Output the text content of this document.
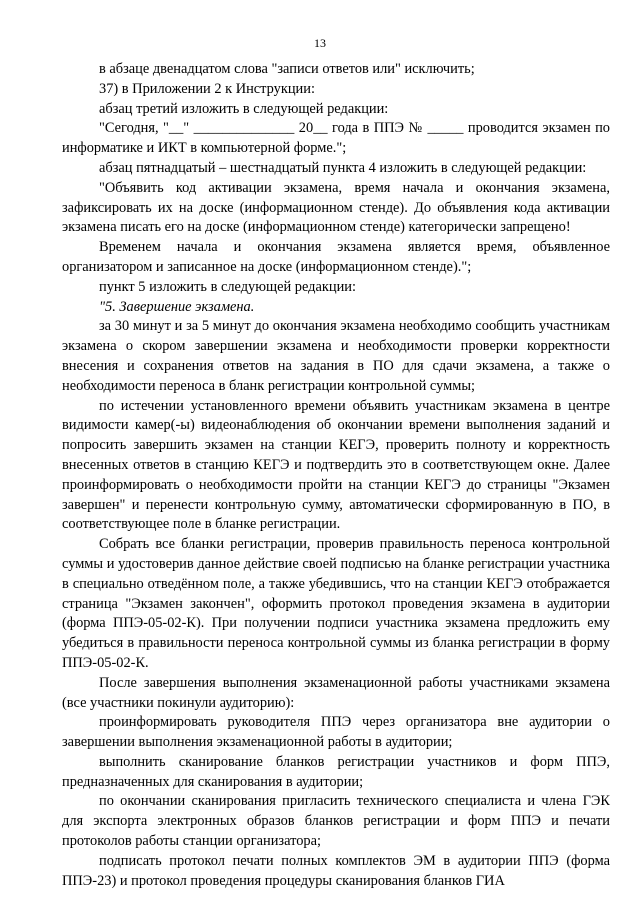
13

в абзаце двенадцатом слова "записи ответов или" исключить;

37) в Приложении 2 к Инструкции:

абзац третий изложить в следующей редакции:

"Сегодня, "__" ______________ 20__ года в ППЭ № _____ проводится экзамен по информатике и ИКТ в компьютерной форме.";

абзац пятнадцатый – шестнадцатый пункта 4 изложить в следующей редакции:

"Объявить код активации экзамена, время начала и окончания экзамена, зафиксировать их на доске (информационном стенде). До объявления кода активации экзамена писать его на доске (информационном стенде) категорически запрещено!

Временем начала и окончания экзамена является время, объявленное организатором и записанное на доске (информационном стенде).";

пункт 5 изложить в следующей редакции:

"5. Завершение экзамена.

за 30 минут и за 5 минут до окончания экзамена необходимо сообщить участникам экзамена о скором завершении экзамена и необходимости проверки корректности внесения и сохранения ответов на задания в ПО для сдачи экзамена, а также о необходимости переноса в бланк регистрации контрольной суммы;

по истечении установленного времени объявить участникам экзамена в центре видимости камер(-ы) видеонаблюдения об окончании времени выполнения заданий и попросить завершить экзамен на станции КЕГЭ, проверить полноту и корректность внесенных ответов в станцию КЕГЭ и подтвердить это в соответствующем окне. Далее проинформировать о необходимости пройти на станции КЕГЭ до страницы "Экзамен завершен" и перенести контрольную сумму, автоматически сформированную в ПО, в соответствующее поле в бланке регистрации.

Собрать все бланки регистрации, проверив правильность переноса контрольной суммы и удостоверив данное действие своей подписью на бланке регистрации участника в специально отведённом поле, а также убедившись, что на станции КЕГЭ отображается страница "Экзамен закончен", оформить протокол проведения экзамена в аудитории (форма ППЭ-05-02-К). При получении подписи участника экзамена предложить ему убедиться в правильности переноса контрольной суммы из бланка регистрации в форму ППЭ-05-02-К.

После завершения выполнения экзаменационной работы участниками экзамена (все участники покинули аудиторию):

проинформировать руководителя ППЭ через организатора вне аудитории о завершении выполнения экзаменационной работы в аудитории;

выполнить сканирование бланков регистрации участников и форм ППЭ, предназначенных для сканирования в аудитории;

по окончании сканирования пригласить технического специалиста и члена ГЭК для экспорта электронных образов бланков регистрации и форм ППЭ и печати протоколов работы станции организатора;

подписать протокол печати полных комплектов ЭМ в аудитории ППЭ (форма ППЭ-23) и протокол проведения процедуры сканирования бланков ГИА
